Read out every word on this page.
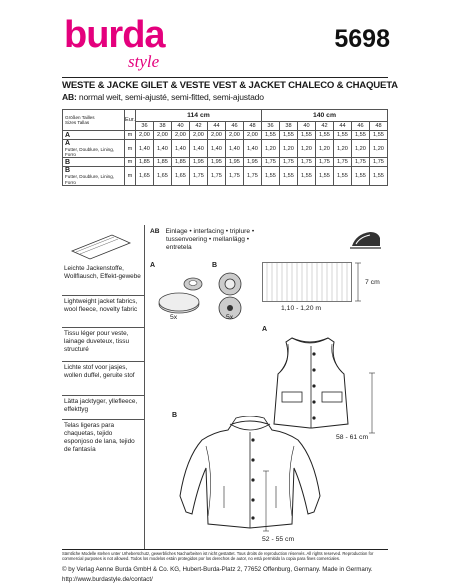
burda
style
5698
WESTE & JACKE GILET & VESTE VEST & JACKET CHALECO & CHAQUETA
AB: normal weit, semi-ajusté, semi-fitted, semi-ajustado
Größen Tailles
Sizes Tallas	Eur.	114 cm							140 cm						
		36	38	40	42	44	46	48	36	38	40	42	44	46	48

A	m	2,00	2,00	2,00	2,00	2,00	2,00	2,00	1,55	1,55	1,55	1,55	1,55	1,55	1,55

A
Futter, Doublure, Lining, Forro	m	1,40	1,40	1,40	1,40	1,40	1,40	1,40	1,20	1,20	1,20	1,20	1,20	1,20	1,20

B	m	1,85	1,85	1,85	1,95	1,95	1,95	1,95	1,75	1,75	1,75	1,75	1,75	1,75	1,75

B
Futter, Doublure, Lining, Forro	m	1,65	1,65	1,65	1,75	1,75	1,75	1,75	1,55	1,55	1,55	1,55	1,55	1,55	1,55
Leichte Jackenstoffe, Wollflausch, Effekt-gewebe
Lightweight jacket fabrics, wool fleece, novelty fabric
Tissu léger pour veste, lainage duveteux, tissu structuré
Lichte stof voor jasjes, wollen duffel, geruite stof
Lätta jacktyger, yllefleece, effekttyg
Telas ligeras para chaquetas, tejido esponjoso de lana, tejido de fantasía
AB Einlage • interfacing • triplure •
tussenvoering • mellanlägg •
entretela
A	B
5x	5x
7 cm
1,10 - 1,20 m
A
58 - 61 cm
B
52 - 55 cm
Sämtliche Modelle stehen unter Urheberschutz, gewerbliches Nacharbeiten ist nicht gestattet. Tous droits de reproduction réservés. All rights reserved. Reproduction for commercial purposes is not allowed. Todos los modelos están protegidos por los derechos de autor, no está permitido la copia para fines comerciales.
© by Verlag Aenne Burda GmbH & Co. KG, Hubert-Burda-Platz 2, 77652 Offenburg, Germany. Made in Germany.
http://www.burdastyle.de/contact/
